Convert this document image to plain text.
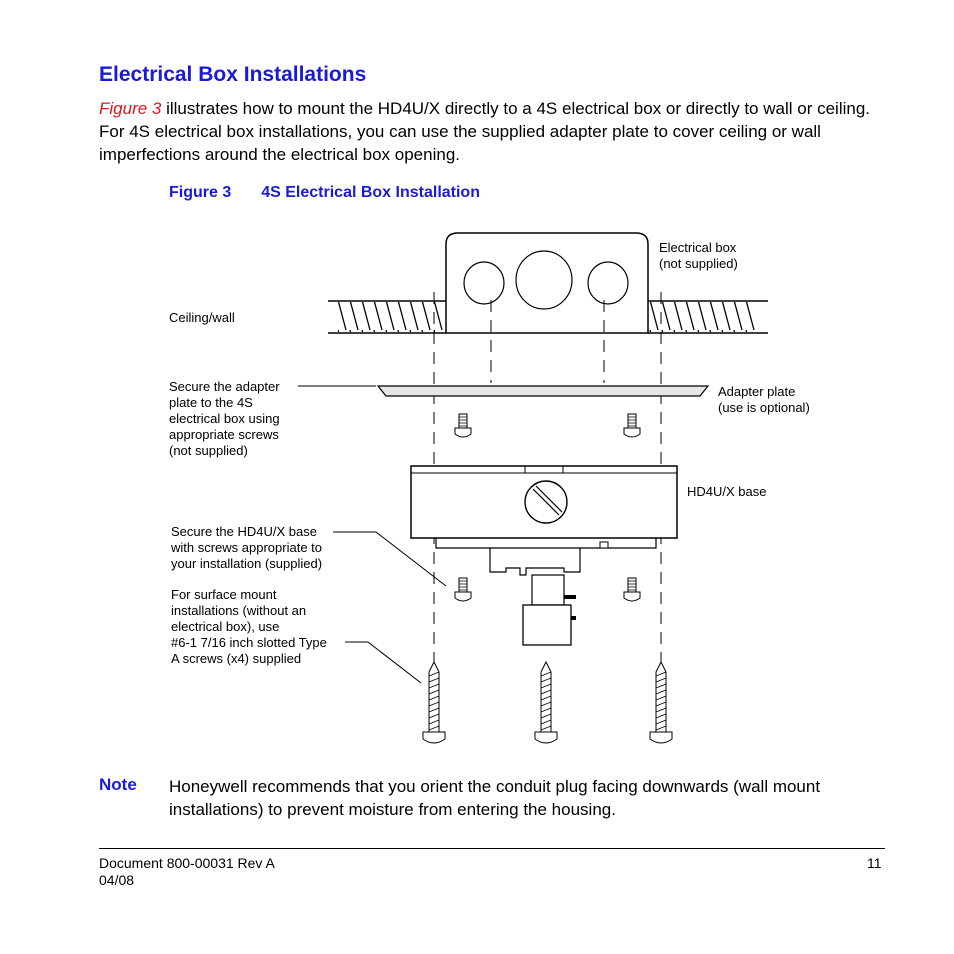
Electrical Box Installations

Figure 3 illustrates how to mount the HD4U/X directly to a 4S electrical box or directly to wall or ceiling. For 4S electrical box installations, you can use the supplied adapter plate to cover ceiling or wall imperfections around the electrical box opening.

Figure 3 4S Electrical Box Installation
Electrical box
(not supplied)
Ceiling/wall
Secure the adapter
plate to the 4S
electrical box using
appropriate screws
(not supplied)
Adapter plate
(use is optional)
HD4U/X base
Secure the HD4U/X base
with screws appropriate to
your installation (supplied)
For surface mount
installations (without an
electrical box), use
#6-1 7/16 inch slotted Type
A screws (x4) supplied
Note Honeywell recommends that you orient the conduit plug facing downwards (wall mount installations) to prevent moisture from entering the housing.
Document 800-00031 Rev A
04/08
11
